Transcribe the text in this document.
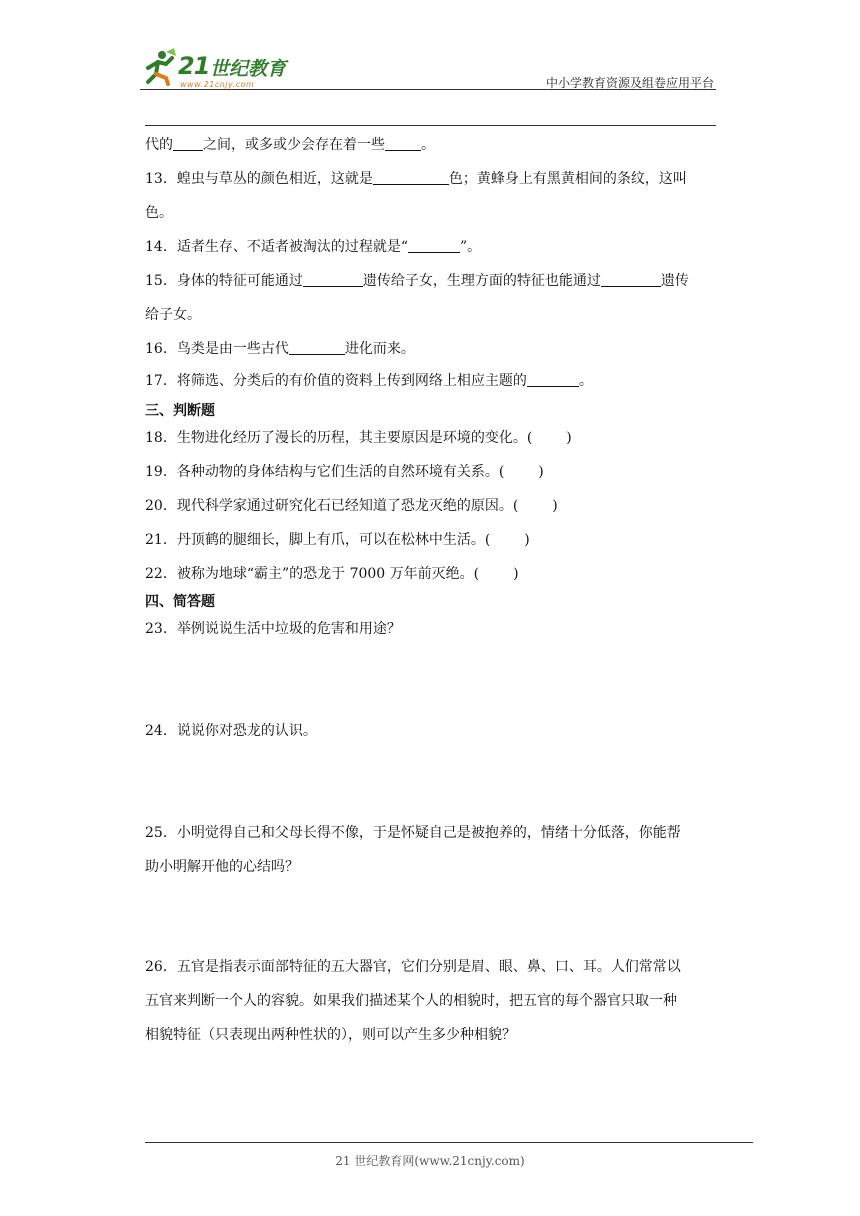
21 世纪教育
www.21cnjy.com	中小学教育资源及组卷应用平台
代的 之间，或多或少会存在着一些	。
13．蝗虫与草丛的颜色相近，这就是	色；黄蜂身上有黑黄相间的条纹，这叫
色。
14．适者生存、不适者被淘汰的过程就是“	”。
15．身体的特征可能通过	遗传给子女，生理方面的特征也能通过	遗传
给子女。
16．鸟类是由一些古代	进化而来。
17．将筛选、分类后的有价值的资料上传到网络上相应主题的	。
三、判断题
18．生物进化经历了漫长的历程，其主要原因是环境的变化。( )
19．各种动物的身体结构与它们生活的自然环境有关系。( )
20．现代科学家通过研究化石已经知道了恐龙灭绝的原因。( )
21．丹顶鹤的腿细长，脚上有爪，可以在松林中生活。( )
22．被称为地球“霸主”的恐龙于 7000 万年前灭绝。( )
四、简答题
23．举例说说生活中垃圾的危害和用途？
24．说说你对恐龙的认识。
25．小明觉得自己和父母长得不像，于是怀疑自己是被抱养的，情绪十分低落，你能帮
助小明解开他的心结吗？
26．五官是指表示面部特征的五大器官，它们分别是眉、眼、鼻、口、耳。人们常常以
五官来判断一个人的容貌。如果我们描述某个人的相貌时，把五官的每个器官只取一种
相貌特征（只表现出两种性状的），则可以产生多少种相貌？
21 世纪教育网(www.21cnjy.com)
